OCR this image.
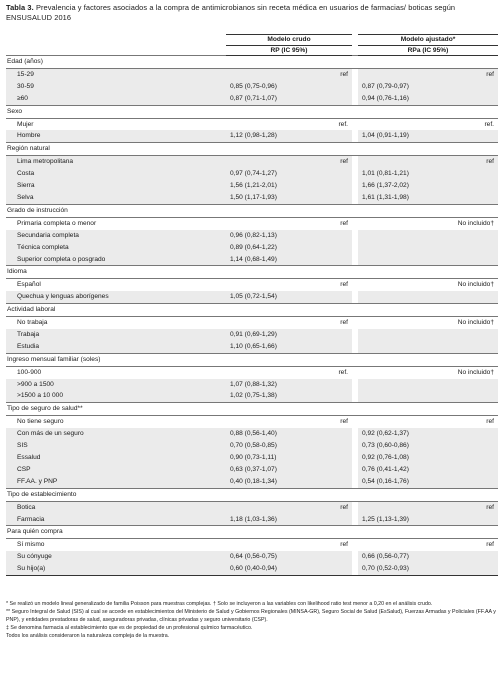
Tabla 3. Prevalencia y factores asociados a la compra de antimicrobianos sin receta médica en usuarios de farmacias/ boticas según ENSUSALUD 2016
	Modelo crudo		Modelo ajustado*
	RP (IC 95%)		RPa (IC 95%)
Edad (años)			
15-29	ref		ref
30-59	0,85 (0,75-0,96)		0,87 (0,79-0,97)
≥60	0,87 (0,71-1,07)		0,94 (0,76-1,16)
Sexo			
Mujer	ref.		ref.
Hombre	1,12 (0,98-1,28)		1,04 (0,91-1,19)
Región natural			
Lima metropolitana	ref		ref
Costa	0,97 (0,74-1,27)		1,01 (0,81-1,21)
Sierra	1,56 (1,21-2,01)		1,66 (1,37-2,02)
Selva	1,50 (1,17-1,93)		1,61 (1,31-1,98)
Grado de instrucción			
Primaria completa o menor	ref		No incluido†
Secundaria completa	0,96 (0,82-1,13)		
Técnica completa	0,89 (0,64-1,22)		
Superior completa o posgrado	1,14 (0,68-1,49)		
Idioma			
Español	ref		No incluido†
Quechua y lenguas aborígenes	1,05 (0,72-1,54)		
Actividad laboral			
No trabaja	ref		No incluido†
Trabaja	0,91 (0,69-1,29)		
Estudia	1,10 (0,65-1,66)		
Ingreso mensual familiar (soles)			
100-900	ref.		No incluido†
>900 a 1500	1,07 (0,88-1,32)		
>1500 a 10 000	1,02 (0,75-1,38)		
Tipo de seguro de salud**			
No tiene seguro	ref		ref
Con más de un seguro	0,88 (0,56-1,40)		0,92 (0,62-1,37)
SIS	0,70 (0,58-0,85)		0,73 (0,60-0,86)
Essalud	0,90 (0,73-1,11)		0,92 (0,76-1,08)
CSP	0,63 (0,37-1,07)		0,76 (0,41-1,42)
FF.AA. y PNP	0,40 (0,18-1,34)		0,54 (0,16-1,76)
Tipo de establecimiento			
Botica	ref		ref
Farmacia	1,18 (1,03-1,36)		1,25 (1,13-1,39)
Para quién compra			
Sí mismo	ref		ref
Su cónyuge	0,64 (0,56-0,75)		0,66 (0,56-0,77)
Su hijo(a)	0,60 (0,40-0,94)		0,70 (0,52-0,93)

* Se realizó un modelo lineal generalizado de familia Poisson para muestras complejas. † Solo se incluyeron a las variables con likelihood ratio test menor a 0,20 en el análisis crudo.

** Seguro Integral de Salud (SIS) al cual se accede en establecimientos del Ministerio de Salud y Gobiernos Regionales (MINSA-GR), Seguro Social de Salud (EsSalud), Fuerzas Armadas y Policiales (FF.AA y PNP), y entidades prestadoras de salud, aseguradoras privadas, clínicas privadas y seguro universitario (CSP).

‡ Se denomina farmacia al establecimiento que es de propiedad de un profesional químico farmacéutico.

Todos los análisis consideraron la naturaleza compleja de la muestra.
